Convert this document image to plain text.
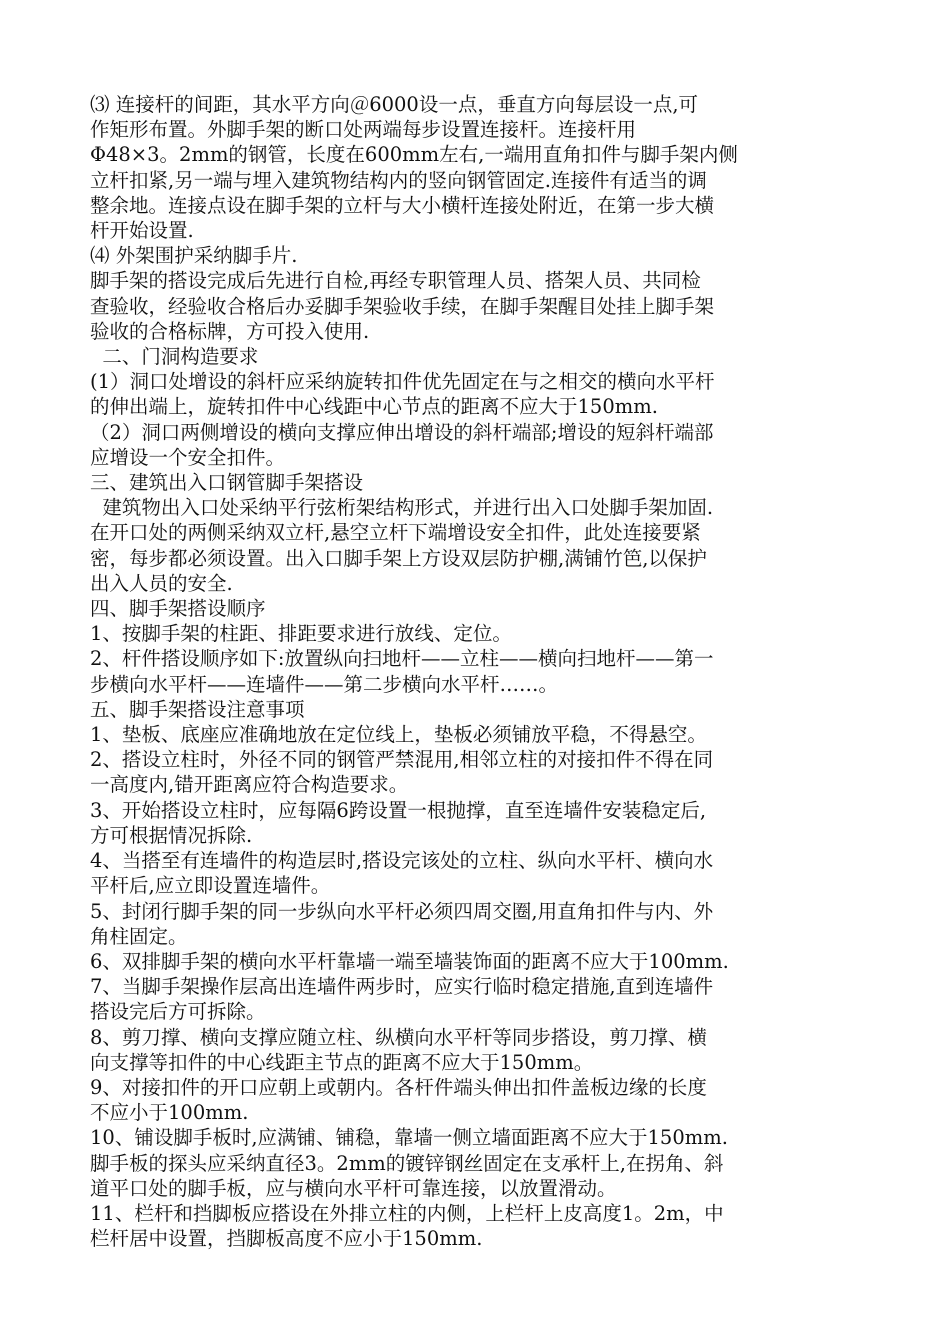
⑶ 连接杆的间距，其水平方向＠6000设一点，垂直方向每层设一点,可
作矩形布置。外脚手架的断口处两端每步设置连接杆。连接杆用
Φ48×3。2mm的钢管，长度在600mm左右,一端用直角扣件与脚手架内侧
立杆扣紧,另一端与埋入建筑物结构内的竖向钢管固定.连接件有适当的调
整余地。连接点设在脚手架的立杆与大小横杆连接处附近，在第一步大横
杆开始设置.
⑷ 外架围护采纳脚手片.
脚手架的搭设完成后先进行自检,再经专职管理人员、搭架人员、共同检
查验收，经验收合格后办妥脚手架验收手续，在脚手架醒目处挂上脚手架
验收的合格标牌，方可投入使用.
二、门洞构造要求
(1）洞口处增设的斜杆应采纳旋转扣件优先固定在与之相交的横向水平杆
的伸出端上，旋转扣件中心线距中心节点的距离不应大于150mm.
（2）洞口两侧增设的横向支撑应伸出增设的斜杆端部;增设的短斜杆端部
应增设一个安全扣件。
三、建筑出入口钢管脚手架搭设
建筑物出入口处采纳平行弦桁架结构形式，并进行出入口处脚手架加固.
在开口处的两侧采纳双立杆,悬空立杆下端增设安全扣件，此处连接要紧
密，每步都必须设置。出入口脚手架上方设双层防护棚,满铺竹笆,以保护
出入人员的安全.
四、脚手架搭设顺序
1、按脚手架的柱距、排距要求进行放线、定位。
2、杆件搭设顺序如下:放置纵向扫地杆——立柱——横向扫地杆——第一
步横向水平杆——连墙件——第二步横向水平杆……。
五、脚手架搭设注意事项
1、垫板、底座应准确地放在定位线上，垫板必须铺放平稳，不得悬空。
2、搭设立柱时，外径不同的钢管严禁混用,相邻立柱的对接扣件不得在同
一高度内,错开距离应符合构造要求。
3、开始搭设立柱时，应每隔6跨设置一根抛撑，直至连墙件安装稳定后,
方可根据情况拆除.
4、当搭至有连墙件的构造层时,搭设完该处的立柱、纵向水平杆、横向水
平杆后,应立即设置连墙件。
5、封闭行脚手架的同一步纵向水平杆必须四周交圈,用直角扣件与内、外
角柱固定。
6、双排脚手架的横向水平杆靠墙一端至墙装饰面的距离不应大于100mm.
7、当脚手架操作层高出连墙件两步时，应实行临时稳定措施,直到连墙件
搭设完后方可拆除。
8、剪刀撑、横向支撑应随立柱、纵横向水平杆等同步搭设，剪刀撑、横
向支撑等扣件的中心线距主节点的距离不应大于150mm。
9、对接扣件的开口应朝上或朝内。各杆件端头伸出扣件盖板边缘的长度
不应小于100mm.
10、铺设脚手板时,应满铺、铺稳，靠墙一侧立墙面距离不应大于150mm.
脚手板的探头应采纳直径3。2mm的镀锌钢丝固定在支承杆上,在拐角、斜
道平口处的脚手板，应与横向水平杆可靠连接，以放置滑动。
11、栏杆和挡脚板应搭设在外排立柱的内侧，上栏杆上皮高度1。2m，中
栏杆居中设置，挡脚板高度不应小于150mm.
